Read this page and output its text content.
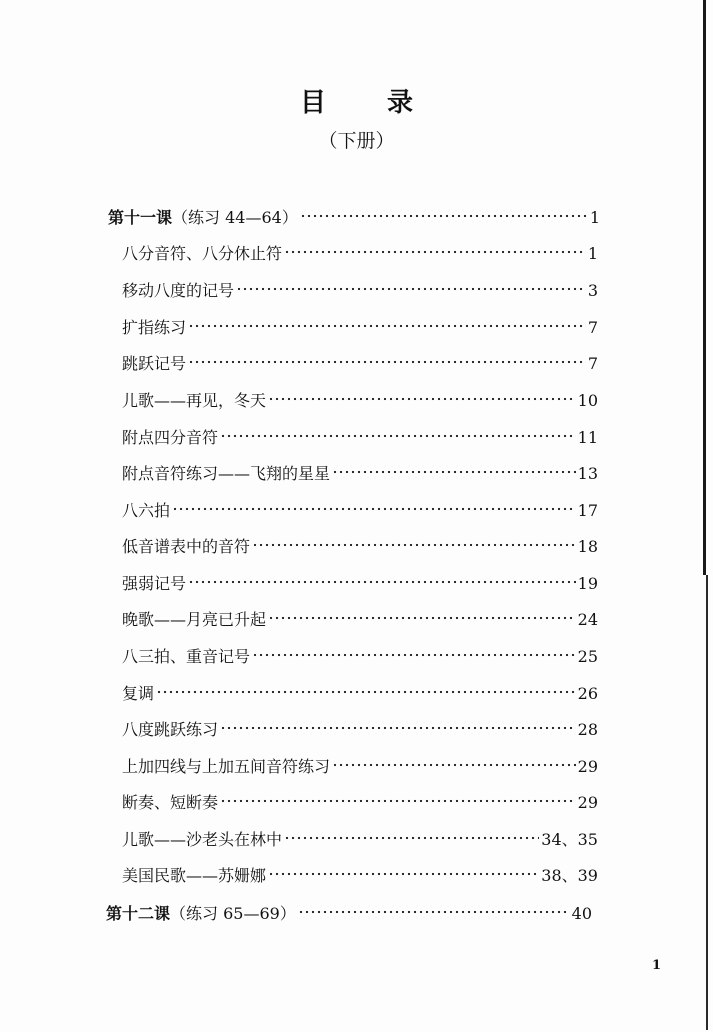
目 录
（下册）
第十一课（练习 44—64）	1
八分音符、八分休止符	1
移动八度的记号	3
扩指练习	7
跳跃记号	7
儿歌——再见，冬天	10
附点四分音符	11
附点音符练习——飞翔的星星	13
八六拍	17
低音谱表中的音符	18
强弱记号	19
晚歌——月亮已升起	24
八三拍、重音记号	25
复调	26
八度跳跃练习	28
上加四线与上加五间音符练习	29
断奏、短断奏	29
儿歌——沙老头在林中	34、35
美国民歌——苏姗娜	38、39
第十二课（练习 65—69）	40
1
